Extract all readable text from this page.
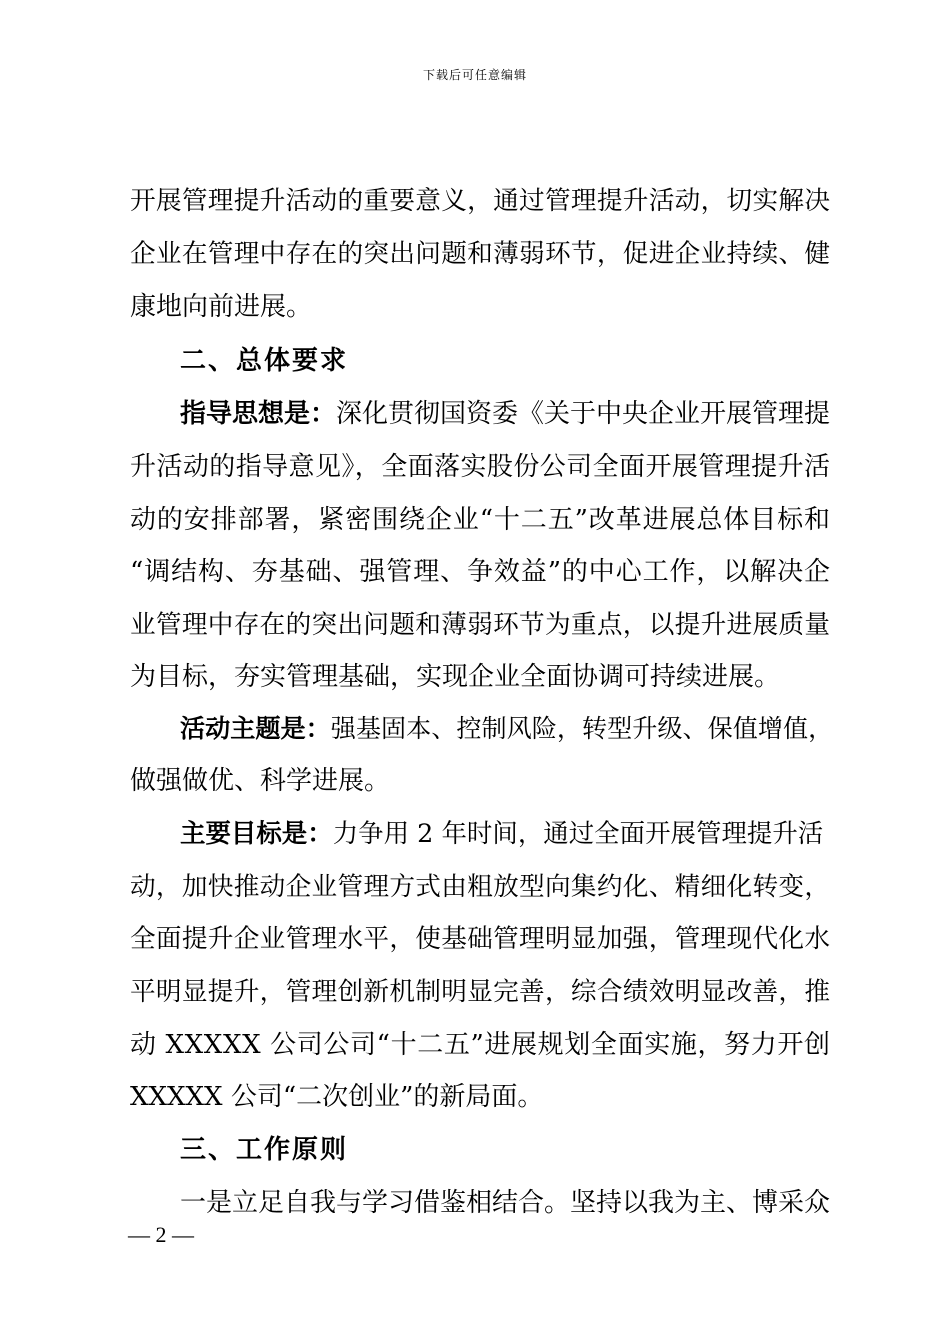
下载后可任意编辑
开展管理提升活动的重要意义，通过管理提升活动，切实解决
企业在管理中存在的突出问题和薄弱环节，促进企业持续、健
康地向前进展。
二、总体要求
指导思想是：深化贯彻国资委《关于中央企业开展管理提
升活动的指导意见》，全面落实股份公司全面开展管理提升活
动的安排部署，紧密围绕企业“十二五”改革进展总体目标和
“调结构、夯基础、强管理、争效益”的中心工作，以解决企
业管理中存在的突出问题和薄弱环节为重点，以提升进展质量
为目标，夯实管理基础，实现企业全面协调可持续进展。
活动主题是：强基固本、控制风险，转型升级、保值增值，
做强做优、科学进展。
主要目标是：力争用 2 年时间，通过全面开展管理提升活
动，加快推动企业管理方式由粗放型向集约化、精细化转变，
全面提升企业管理水平，使基础管理明显加强，管理现代化水
平明显提升，管理创新机制明显完善，综合绩效明显改善，推
动 XXXXX 公司公司“十二五”进展规划全面实施，努力开创
XXXXX 公司“二次创业”的新局面。
三、工作原则
一是立足自我与学习借鉴相结合。坚持以我为主、博采众
— 2 —
